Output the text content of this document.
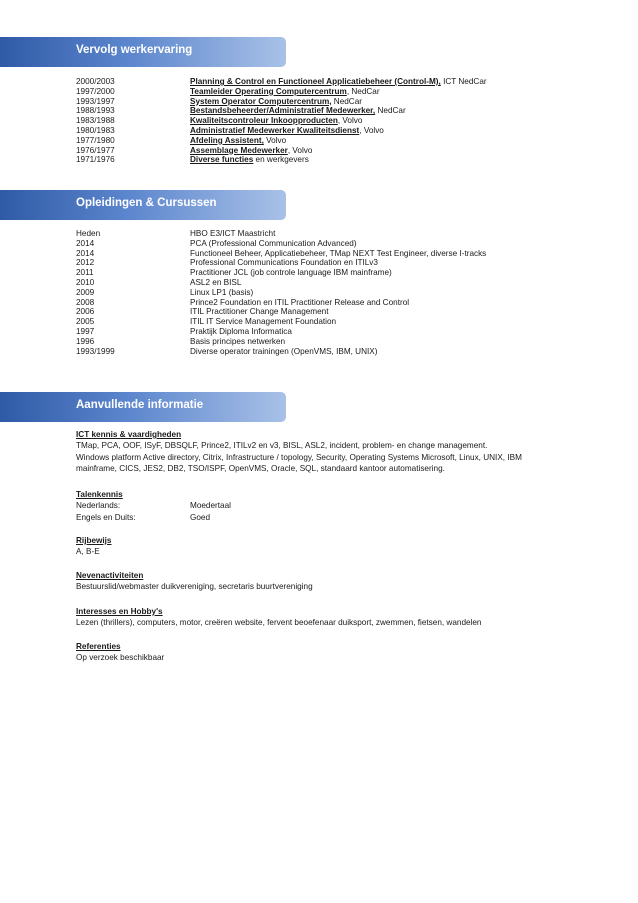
Vervolg werkervaring
2000/2003	Planning & Control en Functioneel Applicatiebeheer (Control-M), ICT NedCar
1997/2000	Teamleider Operating Computercentrum, NedCar
1993/1997	System Operator Computercentrum, NedCar
1988/1993	Bestandsbeheerder/Administratief Medewerker, NedCar
1983/1988	Kwaliteitscontroleur Inkoopproducten, Volvo
1980/1983	Administratief Medewerker Kwaliteitsdienst, Volvo
1977/1980	Afdeling Assistent, Volvo
1976/1977	Assemblage Medewerker, Volvo
1971/1976	Diverse functies en werkgevers
Opleidingen & Cursussen
Heden	HBO E3/ICT Maastricht
2014	PCA (Professional Communication Advanced)
2014	Functioneel Beheer, Applicatiebeheer, TMap NEXT Test Engineer, diverse I-tracks
2012	Professional Communications Foundation en ITILv3
2011	Practitioner JCL (job controle language IBM mainframe)
2010	ASL2 en BISL
2009	Linux LP1 (basis)
2008	Prince2 Foundation en ITIL Practitioner Release and Control
2006	ITIL Practitioner Change Management
2005	ITIL IT Service Management Foundation
1997	Praktijk Diploma Informatica
1996	Basis principes netwerken
1993/1999	Diverse operator trainingen (OpenVMS, IBM, UNIX)
Aanvullende informatie
ICT kennis & vaardigheden
TMap, PCA, OOF, ISyF, DBSQLF, Prince2, ITILv2 en v3, BISL, ASL2, incident, problem- en change management.
Windows platform Active directory, Citrix, Infrastructure / topology, Security, Operating Systems Microsoft, Linux, UNIX, IBM
mainframe, CICS, JES2, DB2, TSO/ISPF, OpenVMS, Oracle, SQL, standaard kantoor automatisering.
Talenkennis
Nederlands:	Moedertaal
Engels en Duits:	Goed
Rijbewijs
A, B-E
Nevenactiviteiten
Bestuurslid/webmaster duikvereniging, secretaris buurtvereniging
Interesses en Hobby's
Lezen (thrillers), computers, motor, creëren website, fervent beoefenaar duiksport, zwemmen, fietsen, wandelen
Referenties
Op verzoek beschikbaar
